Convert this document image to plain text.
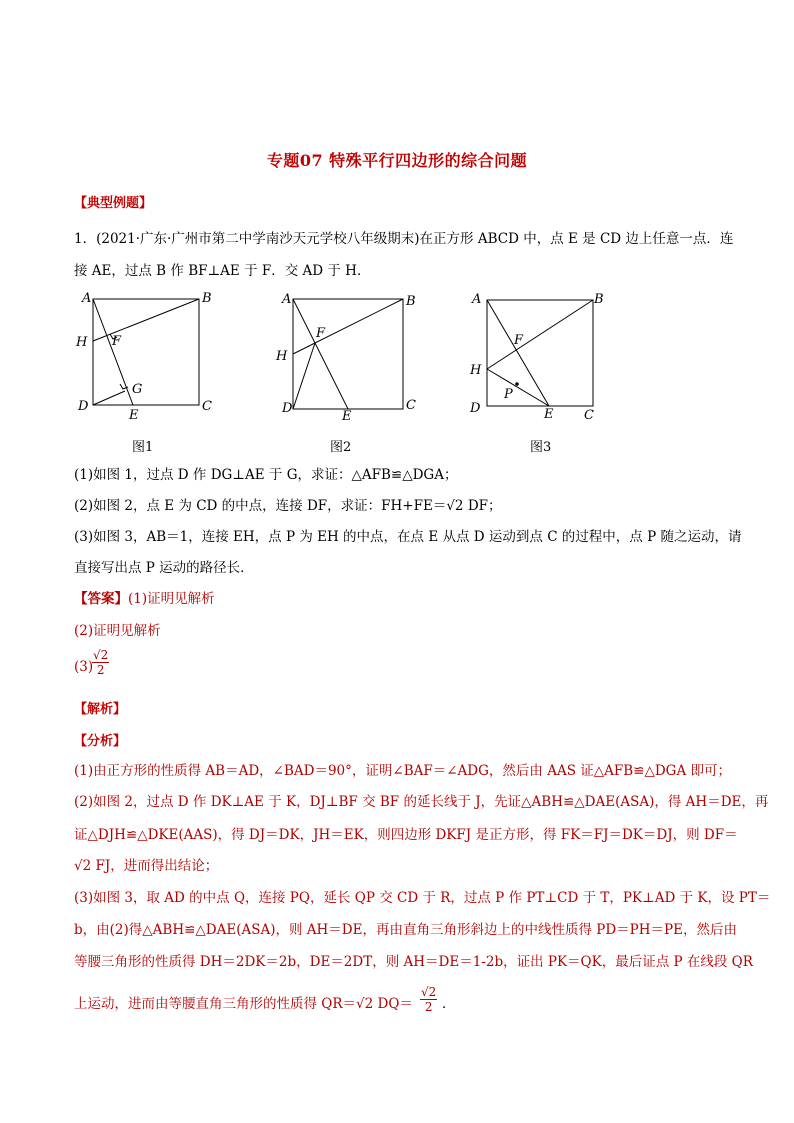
专题07 特殊平行四边形的综合问题
【典型例题】
1．(2021·广东·广州市第二中学南沙天元学校八年级期末)在正方形 ABCD 中，点 E 是 CD 边上任意一点．连
接 AE，过点 B 作 BF⊥AE 于 F．交 AD 于 H．
A	B
C
D
E
F
G
H
A	B
C
D
E
F
H
A	B
C
D	E
F
H
P
图1	图2	图3
(1)如图 1，过点 D 作 DG⊥AE 于 G，求证：△AFB≌△DGA；
(2)如图 2，点 E 为 CD 的中点，连接 DF，求证：FH+FE＝√2 DF；
(3)如图 3，AB＝1，连接 EH，点 P 为 EH 的中点，在点 E 从点 D 运动到点 C 的过程中，点 P 随之运动，请
直接写出点 P 运动的路径长．
【答案】(1)证明见解析
(2)证明见解析
(3)
$\frac{√2}{2}$
【解析】
【分析】
(1)由正方形的性质得 AB＝AD，∠BAD＝90°，证明∠BAF＝∠ADG，然后由 AAS 证△AFB≌△DGA 即可；
(2)如图 2，过点 D 作 DK⊥AE 于 K，DJ⊥BF 交 BF 的延长线于 J，先证△ABH≌△DAE(ASA)，得 AH＝DE，再
证△DJH≌△DKE(AAS)，得 DJ＝DK，JH＝EK，则四边形 DKFJ 是正方形，得 FK＝FJ＝DK＝DJ，则 DF＝
√2 FJ，进而得出结论；
(3)如图 3，取 AD 的中点 Q，连接 PQ，延长 QP 交 CD 于 R，过点 P 作 PT⊥CD 于 T，PK⊥AD 于 K，设 PT＝
b，由(2)得△ABH≌△DAE(ASA)，则 AH＝DE，再由直角三角形斜边上的中线性质得 PD＝PH＝PE，然后由
等腰三角形的性质得 DH＝2DK＝2b，DE＝2DT，则 AH＝DE＝1-2b，证出 PK＝QK，最后证点 P 在线段 QR
上运动，进而由等腰直角三角形的性质得 QR＝√2 $DQ= \frac{√2}{2}$ ．
